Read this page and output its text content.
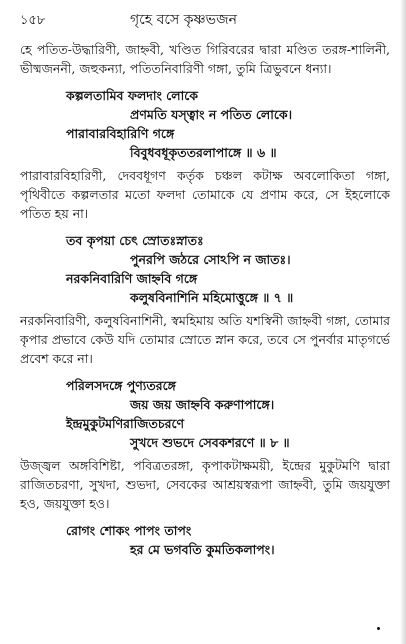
১৫৮	গৃহে বসে কৃষ্ণভজন

হে পতিত-উদ্ধারিণী, জাহ্নবী, খণ্ডিত গিরিবরের দ্বারা মণ্ডিত তরঙ্গ-শালিনী, ভীষ্মজননী, জহুকন্যা, পতিতনিবারিণী গঙ্গা, তুমি ত্রিভুবনে ধন্যা।

কল্পলতামিব ফলদাং লোকে
প্রণমতি যস্ত্বাং ন পতিত লোকে।
পারাবারবিহারিণি গঙ্গে
বিবুধবধূকৃততরলাপাঙ্গে ॥ ৬ ॥

পারাবারবিহারিণী, দেববধূগণ কর্তৃক চঞ্চল কটাক্ষ অবলোকিতা গঙ্গা, পৃথিবীতে কল্পলতার মতো ফলদা তোমাকে যে প্রণাম করে, সে ইহলোকে পতিত হয় না।

তব কৃপয়া চেৎ স্রোতঃস্নাতঃ
পুনরপি জঠরে সোঽপি ন জাতঃ।
নরকনিবারিণি জাহ্নবি গঙ্গে
কলুষবিনাশিনি মহিমোত্তুঙ্গে ॥ ৭ ॥

নরকনিবারিণী, কলুষবিনাশিনী, স্বমহিমায় অতি যশস্বিনী জাহ্নবী গঙ্গা, তোমার কৃপার প্রভাবে কেউ যদি তোমার স্রোতে স্নান করে, তবে সে পুনর্বার মাতৃগর্ভে প্রবেশ করে না।

পরিলসদঙ্গে পুণ্যতরঙ্গে
জয় জয় জাহ্নবি করুণাপাঙ্গে।
ইন্দ্রমুকুটমণিরাজিতচরণে
সুখদে শুভদে সেবকশরণে ॥ ৮ ॥

উজ্জ্বল অঙ্গবিশিষ্টা, পবিত্রতরঙ্গা, কৃপাকটাক্ষময়ী, ইন্দ্রের মুকুটমণি দ্বারা রাজিতচরণা, সুখদা, শুভদা, সেবকের আশ্রয়স্বরূপা জাহ্নবী, তুমি জয়যুক্তা হও, জয়যুক্তা হও।

রোগং শোকং পাপং তাপং
হর মে ভগবতি কুমতিকলাপং।
